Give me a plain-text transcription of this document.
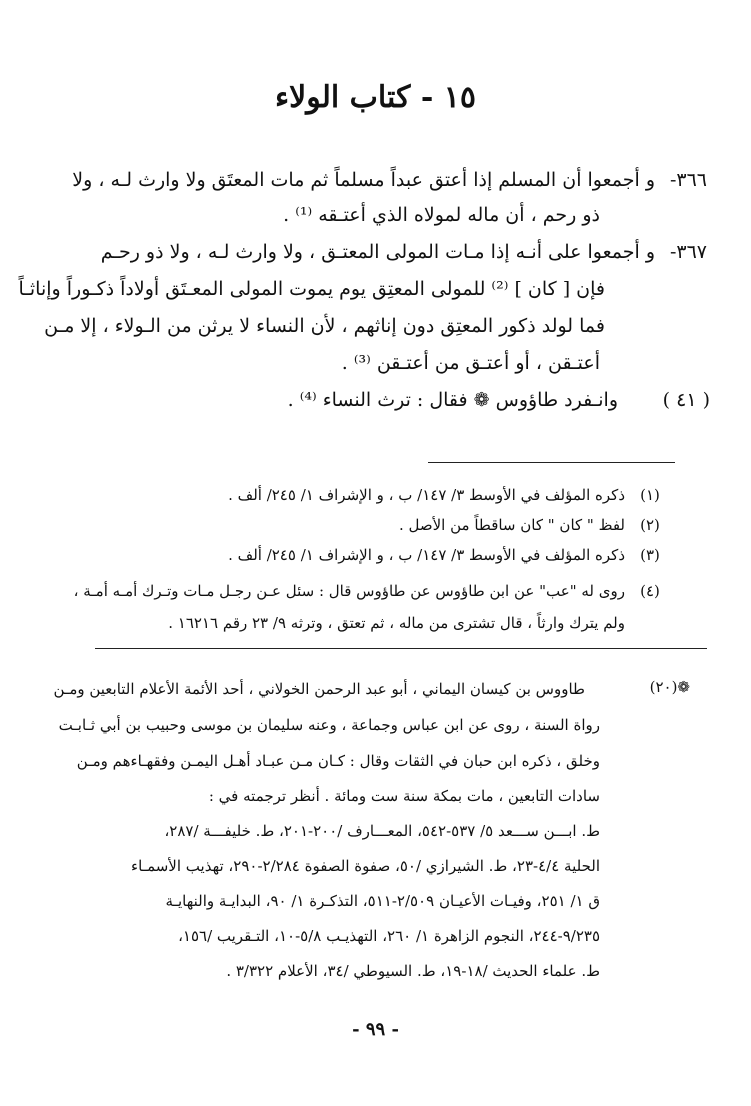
١٥ - كتاب الولاء
٣٦٦-
و أجمعوا أن المسلم إذا أعتق عبداً مسلماً ثم مات المعتَق ولا وارث لـه ، ولا
ذو رحم ، أن ماله لمولاه الذي أعتـقه ⁽¹⁾ .
٣٦٧-
و أجمعوا على أنـه إذا مـات المولى المعتـق ، ولا وارث لـه ، ولا ذو رحـم
فإن [ كان ] ⁽²⁾ للمولى المعتِق يوم يموت المولى المعـتَق أولاداً ذكـوراً وإناثـاً
فما لولد ذكور المعتِق دون إناثهم ، لأن النساء لا يرثن من الـولاء ، إلا مـن
أعتـقن ، أو أعتـق من أعتـقن ⁽³⁾ .
( ٤١ )
وانـفرد طاؤوس ❁ فقال : ترث النساء ⁽⁴⁾ .
(١)
ذكره المؤلف في الأوسط ٣/ ١٤٧/ ب ، و الإشراف ١/ ٢٤٥/ ألف .
(٢)
لفظ " كان " كان ساقطاً من الأصل .
(٣)
ذكره المؤلف في الأوسط ٣/ ١٤٧/ ب ، و الإشراف ١/ ٢٤٥/ ألف .
(٤)
روى له "عب" عن ابن طاؤوس عن طاؤوس قال : سئل عـن رجـل مـات وتـرك أمـه أمـة ،
ولم يترك وارثاً ، قال تشترى من ماله ، ثم تعتق ، وترثه ٩/ ٢٣ رقم ١٦٢١٦ .
❁(٢٠)
طاووس بن كيسان اليماني ، أبو عبد الرحمن الخولاني ، أحد الأئمة الأعلام التابعين ومـن
رواة السنة ، روى عن ابن عباس وجماعة ، وعنه سليمان بن موسى وحبيب بن أبي ثـابـت
وخلق ، ذكره ابن حبان في الثقات وقال : كـان مـن عبـاد أهـل اليمـن وفقهـاءهم ومـن
سادات التابعين ، مات بمكة سنة ست ومائة . أنظر ترجمته في :
ط. ابـــن ســـعد ٥/ ٥٣٧-٥٤٢، المعـــارف /٢٠٠-٢٠١، ط. خليفـــة /٢٨٧،
الحلية ٤/٤-٢٣، ط. الشيرازي /٥٠، صفوة الصفوة ٢/٢٨٤-٢٩٠، تهذيب الأسمـاء
ق ١/ ٢٥١، وفيـات الأعيـان ٢/٥٠٩-٥١١، التذكـرة ١/ ٩٠، البدايـة والنهايـة
٩/٢٣٥-٢٤٤، النجوم الزاهرة ١/ ٢٦٠، التهذيـب ٥/٨-١٠، التـقريب /١٥٦،
ط. علماء الحديث /١٨-١٩، ط. السيوطي /٣٤، الأعلام ٣/٣٢٢ .
- ٩٩ -
